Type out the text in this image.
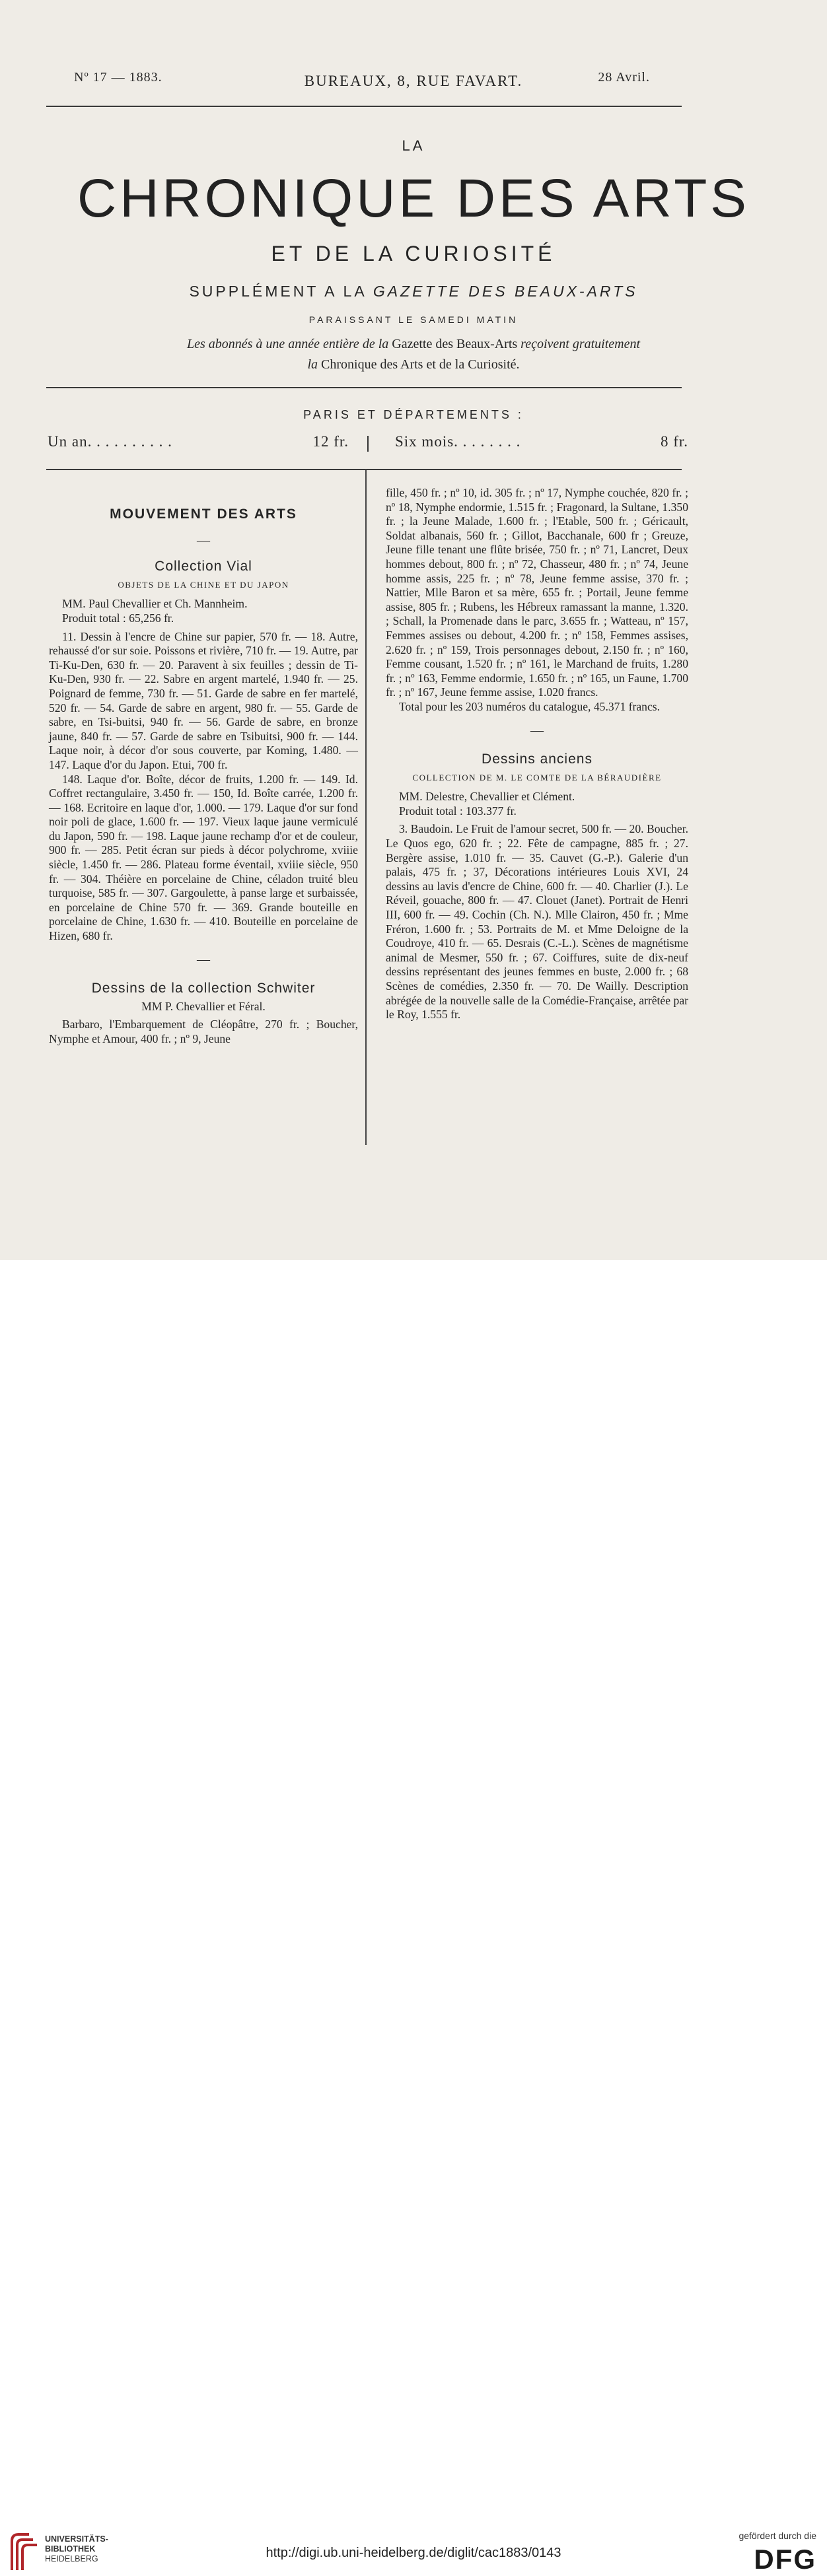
Nº 17 — 1883.	BUREAUX, 8, RUE FAVART.	28 Avril.
LA
CHRONIQUE DES ARTS
ET DE LA CURIOSITÉ
SUPPLÉMENT A LA GAZETTE DES BEAUX-ARTS
PARAISSANT LE SAMEDI MATIN
Les abonnés à une année entière de la Gazette des Beaux-Arts reçoivent gratuitement
la Chronique des Arts et de la Curiosité.
PARIS ET DÉPARTEMENTS :
Un an. . . . . . . . . .	12 fr.	Six mois. . . . . . . .	8 fr.
MOUVEMENT DES ARTS
—
Collection Vial
OBJETS DE LA CHINE ET DU JAPON

MM. Paul Chevallier et Ch. Mannheim.

Produit total : 65,256 fr.

11. Dessin à l'encre de Chine sur papier, 570 fr. — 18. Autre, rehaussé d'or sur soie. Poissons et rivière, 710 fr. — 19. Autre, par Ti-Ku-Den, 630 fr. — 20. Paravent à six feuilles ; dessin de Ti-Ku-Den, 930 fr. — 22. Sabre en argent martelé, 1.940 fr. — 25. Poignard de femme, 730 fr. — 51. Garde de sabre en fer martelé, 520 fr. — 54. Garde de sabre en argent, 980 fr. — 55. Garde de sabre, en Tsi-buitsi, 940 fr. — 56. Garde de sabre, en bronze jaune, 840 fr. — 57. Garde de sabre en Tsibuitsi, 900 fr. — 144. Laque noir, à décor d'or sous couverte, par Koming, 1.480. — 147. Laque d'or du Japon. Etui, 700 fr.

148. Laque d'or. Boîte, décor de fruits, 1.200 fr. — 149. Id. Coffret rectangulaire, 3.450 fr. — 150, Id. Boîte carrée, 1.200 fr. — 168. Ecritoire en laque d'or, 1.000. — 179. Laque d'or sur fond noir poli de glace, 1.600 fr. — 197. Vieux laque jaune vermiculé du Japon, 590 fr. — 198. Laque jaune rechamp d'or et de couleur, 900 fr. — 285. Petit écran sur pieds à décor polychrome, xviiie siècle, 1.450 fr. — 286. Plateau forme éventail, xviiie siècle, 950 fr. — 304. Théière en porcelaine de Chine, céladon truité bleu turquoise, 585 fr. — 307. Gargoulette, à panse large et surbaissée, en porcelaine de Chine 570 fr. — 369. Grande bouteille en porcelaine de Chine, 1.630 fr. — 410. Bouteille en porcelaine de Hizen, 680 fr.

—
Dessins de la collection Schwiter

MM P. Chevallier et Féral.

Barbaro, l'Embarquement de Cléopâtre, 270 fr. ; Boucher, Nymphe et Amour, 400 fr. ; nº 9, Jeune

fille, 450 fr. ; nº 10, id. 305 fr. ; nº 17, Nymphe couchée, 820 fr. ; nº 18, Nymphe endormie, 1.515 fr. ; Fragonard, la Sultane, 1.350 fr. ; la Jeune Malade, 1.600 fr. ; l'Etable, 500 fr. ; Géricault, Soldat albanais, 560 fr. ; Gillot, Bacchanale, 600 fr ; Greuze, Jeune fille tenant une flûte brisée, 750 fr. ; nº 71, Lancret, Deux hommes debout, 800 fr. ; nº 72, Chasseur, 480 fr. ; nº 74, Jeune homme assis, 225 fr. ; nº 78, Jeune femme assise, 370 fr. ; Nattier, Mlle Baron et sa mère, 655 fr. ; Portail, Jeune femme assise, 805 fr. ; Rubens, les Hébreux ramassant la manne, 1.320. ; Schall, la Promenade dans le parc, 3.655 fr. ; Watteau, nº 157, Femmes assises ou debout, 4.200 fr. ; nº 158, Femmes assises, 2.620 fr. ; nº 159, Trois personnages debout, 2.150 fr. ; nº 160, Femme cousant, 1.520 fr. ; nº 161, le Marchand de fruits, 1.280 fr. ; nº 163, Femme endormie, 1.650 fr. ; nº 165, un Faune, 1.700 fr. ; nº 167, Jeune femme assise, 1.020 francs.

Total pour les 203 numéros du catalogue, 45.371 francs.

—
Dessins anciens
COLLECTION DE M. LE COMTE DE LA BÉRAUDIÈRE

MM. Delestre, Chevallier et Clément.

Produit total : 103.377 fr.

3. Baudoin. Le Fruit de l'amour secret, 500 fr. — 20. Boucher. Le Quos ego, 620 fr. ; 22. Fête de campagne, 885 fr. ; 27. Bergère assise, 1.010 fr. — 35. Cauvet (G.-P.). Galerie d'un palais, 475 fr. ; 37, Décorations intérieures Louis XVI, 24 dessins au lavis d'encre de Chine, 600 fr. — 40. Charlier (J.). Le Réveil, gouache, 800 fr. — 47. Clouet (Janet). Portrait de Henri III, 600 fr. — 49. Cochin (Ch. N.). Mlle Clairon, 450 fr. ; Mme Fréron, 1.600 fr. ; 53. Portraits de M. et Mme Deloigne de la Coudroye, 410 fr. — 65. Desrais (C.-L.). Scènes de magnétisme animal de Mesmer, 550 fr. ; 67. Coiffures, suite de dix-neuf dessins représentant des jeunes femmes en buste, 2.000 fr. ; 68 Scènes de comédies, 2.350 fr. — 70. De Wailly. Description abrégée de la nouvelle salle de la Comédie-Française, arrêtée par le Roy, 1.555 fr.

UNIVERSITÄTS-
BIBLIOTHEK
HEIDELBERG	http://digi.ub.uni-heidelberg.de/diglit/cac1883/0143
gefördert durch die
DFG
